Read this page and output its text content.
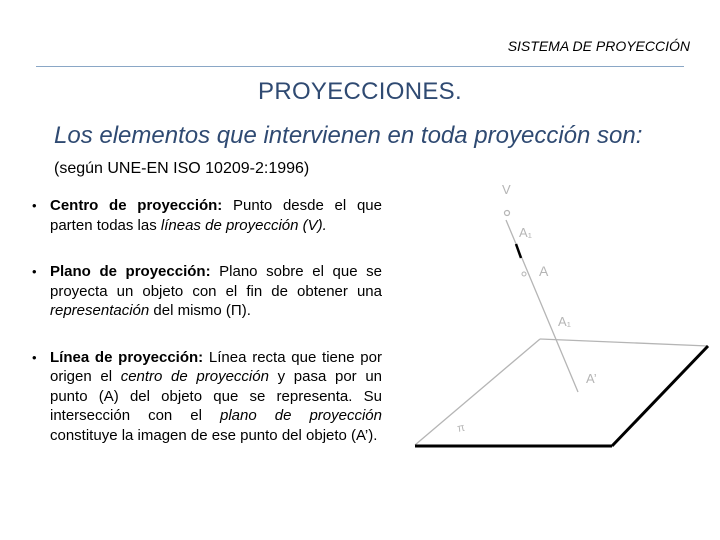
SISTEMA DE PROYECCIÓN
PROYECCIONES.
Los elementos que intervienen en toda proyección son: (según UNE-EN ISO 10209-2:1996)
• Centro de proyección: Punto desde el que parten todas las líneas de proyección (V).
• Plano de proyección: Plano sobre el que se proyecta un objeto con el fin de obtener una representación del mismo (Π).
• Línea de proyección: Línea recta que tiene por origen el centro de proyección y pasa por un punto (A) del objeto que se representa. Su intersección con el plano de proyección constituye la imagen de ese punto del objeto (A’).
V
A₁
A
A₁
A’
π
